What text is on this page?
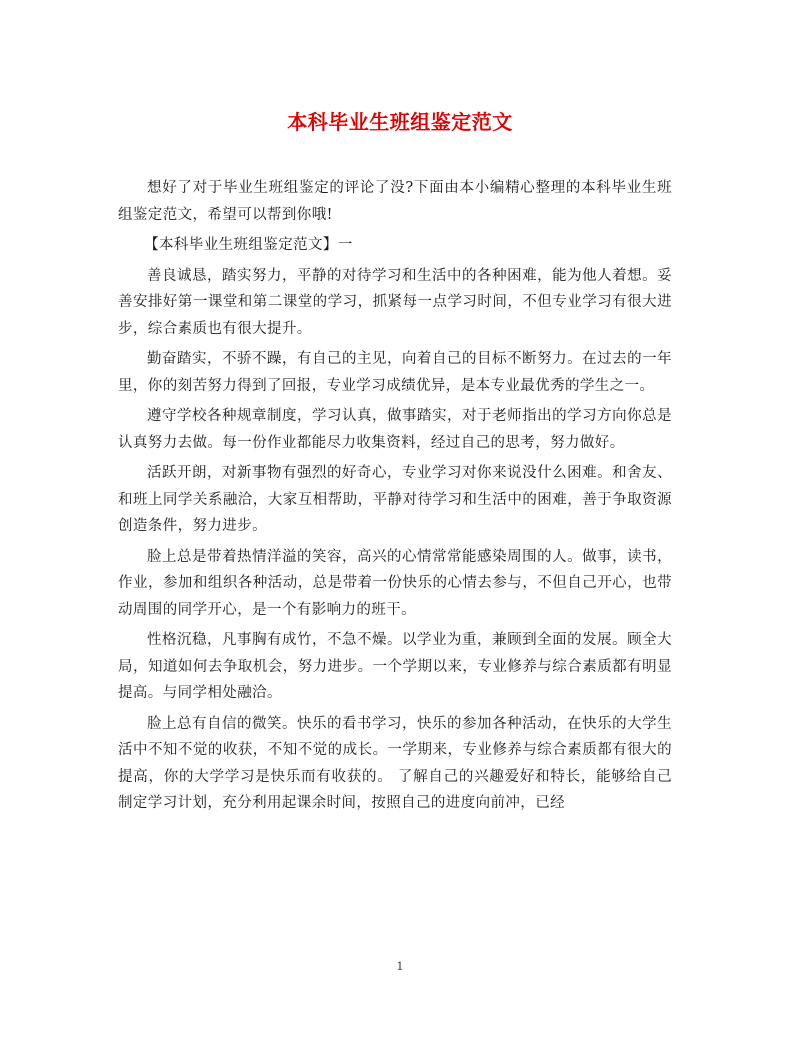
本科毕业生班组鉴定范文

想好了对于毕业生班组鉴定的评论了没?下面由本小编精心整理的本科毕业生班组鉴定范文，希望可以帮到你哦!

【本科毕业生班组鉴定范文】一

善良诚恳，踏实努力，平静的对待学习和生活中的各种困难，能为他人着想。妥善安排好第一课堂和第二课堂的学习，抓紧每一点学习时间，不但专业学习有很大进步，综合素质也有很大提升。

勤奋踏实，不骄不躁，有自己的主见，向着自己的目标不断努力。在过去的一年里，你的刻苦努力得到了回报，专业学习成绩优异，是本专业最优秀的学生之一。

遵守学校各种规章制度，学习认真，做事踏实，对于老师指出的学习方向你总是认真努力去做。每一份作业都能尽力收集资料，经过自己的思考，努力做好。

活跃开朗，对新事物有强烈的好奇心，专业学习对你来说没什么困难。和舍友、和班上同学关系融洽，大家互相帮助，平静对待学习和生活中的困难，善于争取资源创造条件，努力进步。

脸上总是带着热情洋溢的笑容，高兴的心情常常能感染周围的人。做事，读书，作业，参加和组织各种活动，总是带着一份快乐的心情去参与，不但自己开心，也带动周围的同学开心，是一个有影响力的班干。

性格沉稳，凡事胸有成竹，不急不燥。以学业为重，兼顾到全面的发展。顾全大局，知道如何去争取机会，努力进步。一个学期以来，专业修养与综合素质都有明显提高。与同学相处融洽。

脸上总有自信的微笑。快乐的看书学习，快乐的参加各种活动，在快乐的大学生活中不知不觉的收获，不知不觉的成长。一学期来，专业修养与综合素质都有很大的提高，你的大学学习是快乐而有收获的。 了解自己的兴趣爱好和特长，能够给自己制定学习计划，充分利用起课余时间，按照自己的进度向前冲，已经

1
